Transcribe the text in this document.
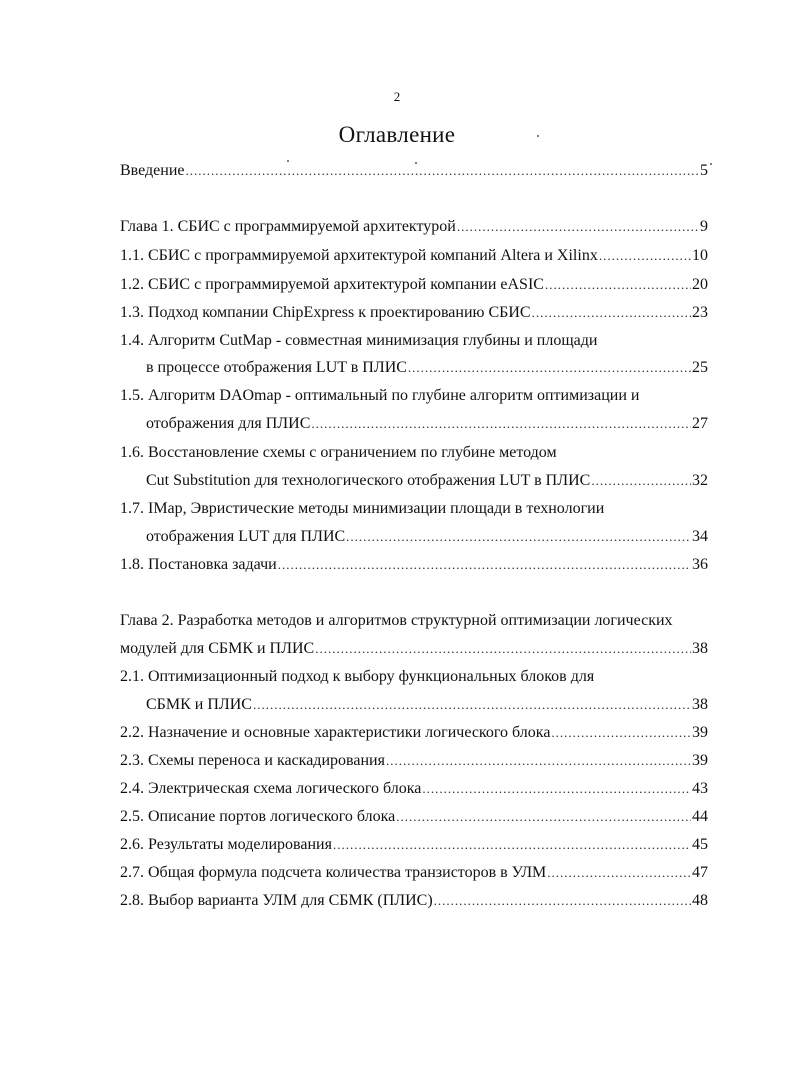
2
Оглавление
Введение .....	5
Глава 1. СБИС с программируемой архитектурой .....	9
1.1. СБИС с программируемой архитектурой компаний Altera и Xilinx .....	10
1.2. СБИС с программируемой архитектурой компании eASIC .....	20
1.3. Подход компании ChipExpress к проектированию СБИС .....	23
1.4. Алгоритм CutMap - совместная минимизация глубины и площади
в процессе отображения LUT в ПЛИС .....	25
1.5. Алгоритм DAOmap - оптимальный по глубине алгоритм оптимизации и
отображения для ПЛИС .....	27
1.6. Восстановление схемы с ограничением по глубине методом
Cut Substitution для технологического отображения LUT в ПЛИС .....	32
1.7. IMap, Эвристические методы минимизации площади в технологии
отображения LUT для ПЛИС .....	34
1.8. Постановка задачи .....	36
Глава 2. Разработка методов и алгоритмов структурной оптимизации логических
модулей для СБМК и ПЛИС .....	38
2.1. Оптимизационный подход к выбору функциональных блоков для
СБМК и ПЛИС .....	38
2.2. Назначение и основные характеристики логического блока .....	39
2.3. Схемы переноса и каскадирования .....	39
2.4. Электрическая схема логического блока .....	43
2.5. Описание портов логического блока .....	44
2.6. Результаты моделирования .....	45
2.7. Общая формула подсчета количества транзисторов в УЛМ .....	47
2.8. Выбор варианта УЛМ для СБМК (ПЛИС) .....	48
